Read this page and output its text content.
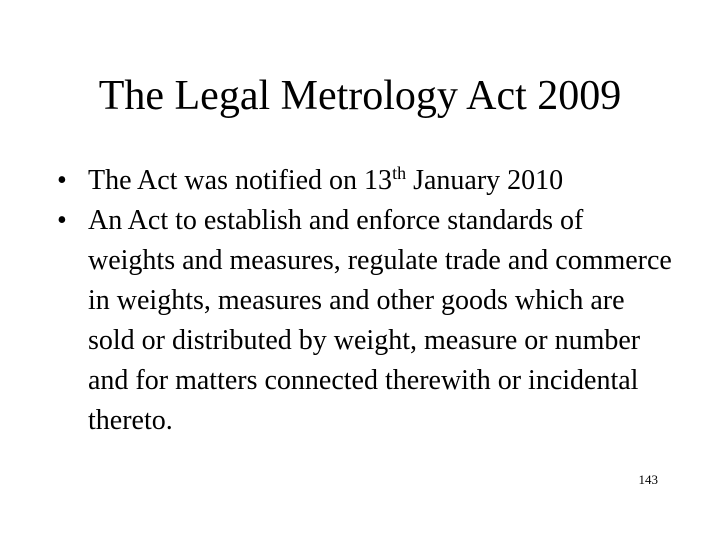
The Legal Metrology Act 2009
• The Act was notified on 13th January 2010
• An Act to establish and enforce standards of weights and measures, regulate trade and commerce in weights, measures and other goods which are sold or distributed by weight, measure or number and for matters connected therewith or incidental thereto.
143
